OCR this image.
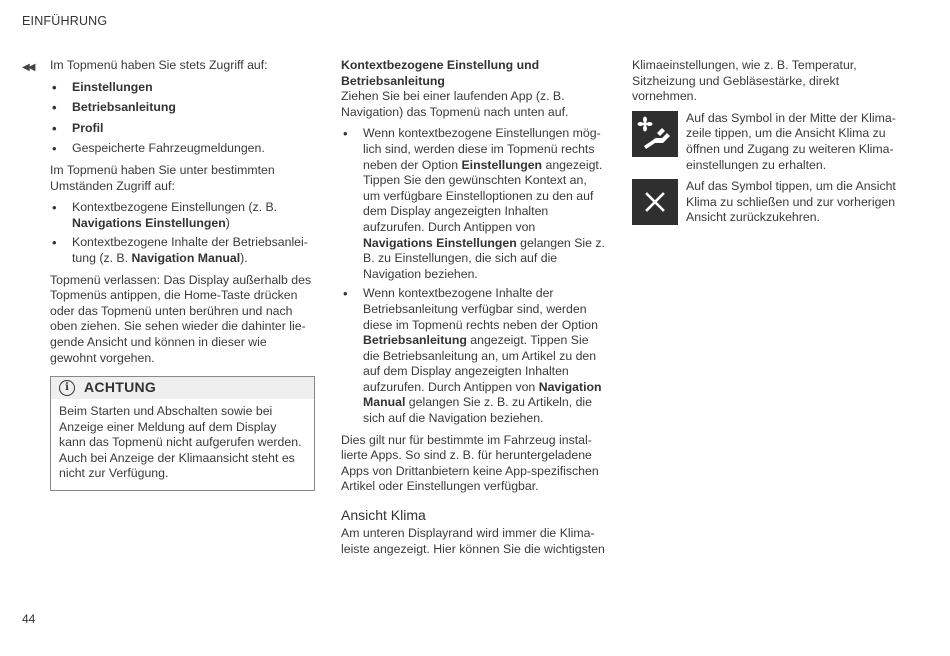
EINFÜHRUNG
◀◀ Im Topmenü haben Sie stets Zugriff auf:

• Einstellungen
• Betriebsanleitung
• Profil
• Gespeicherte Fahrzeugmeldungen.

Im Topmenü haben Sie unter bestimmten Umständen Zugriff auf:

• Kontextbezogene Einstellungen (z. B. Navigations Einstellungen)
• Kontextbezogene Inhalte der Betriebsanleitung (z. B. Navigation Manual).

Topmenü verlassen: Das Display außerhalb des Topmenüs antippen, die Home-Taste drücken oder das Topmenü unten berühren und nach oben ziehen. Sie sehen wieder die dahinter liegende Ansicht und können in dieser wie gewohnt vorgehen.

i	ACHTUNG
Beim Starten und Abschalten sowie bei Anzeige einer Meldung auf dem Display kann das Topmenü nicht aufgerufen werden. Auch bei Anzeige der Klimaansicht steht es nicht zur Verfügung.

Kontextbezogene Einstellung und Betriebsanleitung

Ziehen Sie bei einer laufenden App (z. B. Navigation) das Topmenü nach unten auf.

• Wenn kontextbezogene Einstellungen möglich sind, werden diese im Topmenü rechts neben der Option Einstellungen angezeigt. Tippen Sie den gewünschten Kontext an, um verfügbare Einstelloptionen zu den auf dem Display angezeigten Inhalten aufzurufen. Durch Antippen von Navigations Einstellungen gelangen Sie z. B. zu Einstellungen, die sich auf die Navigation beziehen.
• Wenn kontextbezogene Inhalte der Betriebsanleitung verfügbar sind, werden diese im Topmenü rechts neben der Option Betriebsanleitung angezeigt. Tippen Sie die Betriebsanleitung an, um Artikel zu den auf dem Display angezeigten Inhalten aufzurufen. Durch Antippen von Navigation Manual gelangen Sie z. B. zu Artikeln, die sich auf die Navigation beziehen.

Dies gilt nur für bestimmte im Fahrzeug installierte Apps. So sind z. B. für heruntergeladene Apps von Drittanbietern keine App-spezifischen Artikel oder Einstellungen verfügbar.

Ansicht Klima

Am unteren Displayrand wird immer die Klimaleiste angezeigt. Hier können Sie die wichtigsten

Klimaeinstellungen, wie z. B. Temperatur, Sitzheizung und Gebläsestärke, direkt vornehmen.

Auf das Symbol in der Mitte der Klimazeile tippen, um die Ansicht Klima zu öffnen und Zugang zu weiteren Klimaeinstellungen zu erhalten.
Auf das Symbol tippen, um die Ansicht Klima zu schließen und zur vorherigen Ansicht zurückzukehren.
44
